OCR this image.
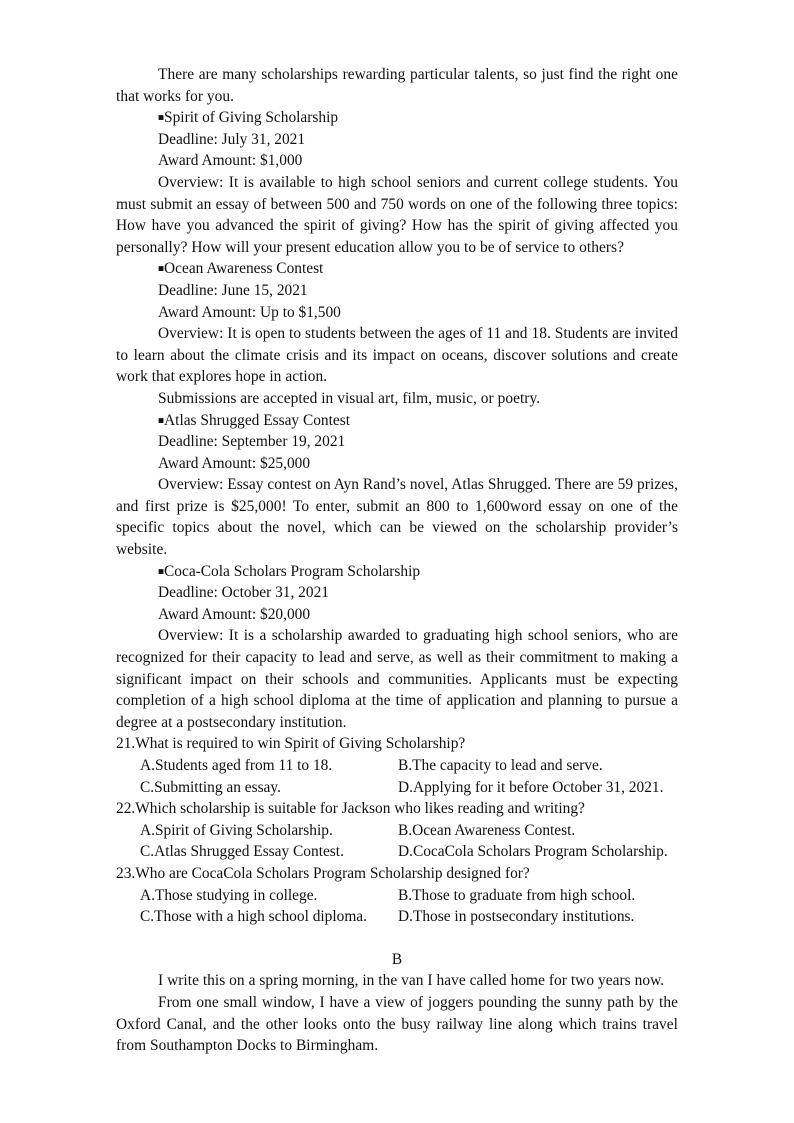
There are many scholarships rewarding particular talents, so just find the right one that works for you.

■Spirit of Giving Scholarship
Deadline: July 31, 2021
Award Amount: $1,000

Overview: It is available to high school seniors and current college students. You must submit an essay of between 500 and 750 words on one of the following three topics: How have you advanced the spirit of giving? How has the spirit of giving affected you personally? How will your present education allow you to be of service to others?

■Ocean Awareness Contest
Deadline: June 15, 2021
Award Amount: Up to $1,500

Overview: It is open to students between the ages of 11 and 18. Students are invited to learn about the climate crisis and its impact on oceans, discover solutions and create work that explores hope in action.

Submissions are accepted in visual art, film, music, or poetry.

■Atlas Shrugged Essay Contest
Deadline: September 19, 2021
Award Amount: $25,000

Overview: Essay contest on Ayn Rand’s novel, Atlas Shrugged. There are 59 prizes, and first prize is $25,000! To enter, submit an 800 to 1,600word essay on one of the specific topics about the novel, which can be viewed on the scholarship provider’s website.

■Coca-Cola Scholars Program Scholarship
Deadline: October 31, 2021
Award Amount: $20,000

Overview: It is a scholarship awarded to graduating high school seniors, who are recognized for their capacity to lead and serve, as well as their commitment to making a significant impact on their schools and communities. Applicants must be expecting completion of a high school diploma at the time of application and planning to pursue a degree at a postsecondary institution.

21.What is required to win Spirit of Giving Scholarship?
A.Students aged from 11 to 18.	B.The capacity to lead and serve.
C.Submitting an essay.	D.Applying for it before October 31, 2021.
22.Which scholarship is suitable for Jackson who likes reading and writing?
A.Spirit of Giving Scholarship.	B.Ocean Awareness Contest.
C.Atlas Shrugged Essay Contest.	D.CocaCola Scholars Program Scholarship.
23.Who are CocaCola Scholars Program Scholarship designed for?
A.Those studying in college.	B.Those to graduate from high school.
C.Those with a high school diploma. D.Those in postsecondary institutions.
B

I write this on a spring morning, in the van I have called home for two years now.

From one small window, I have a view of joggers pounding the sunny path by the Oxford Canal, and the other looks onto the busy railway line along which trains travel from Southampton Docks to Birmingham.
